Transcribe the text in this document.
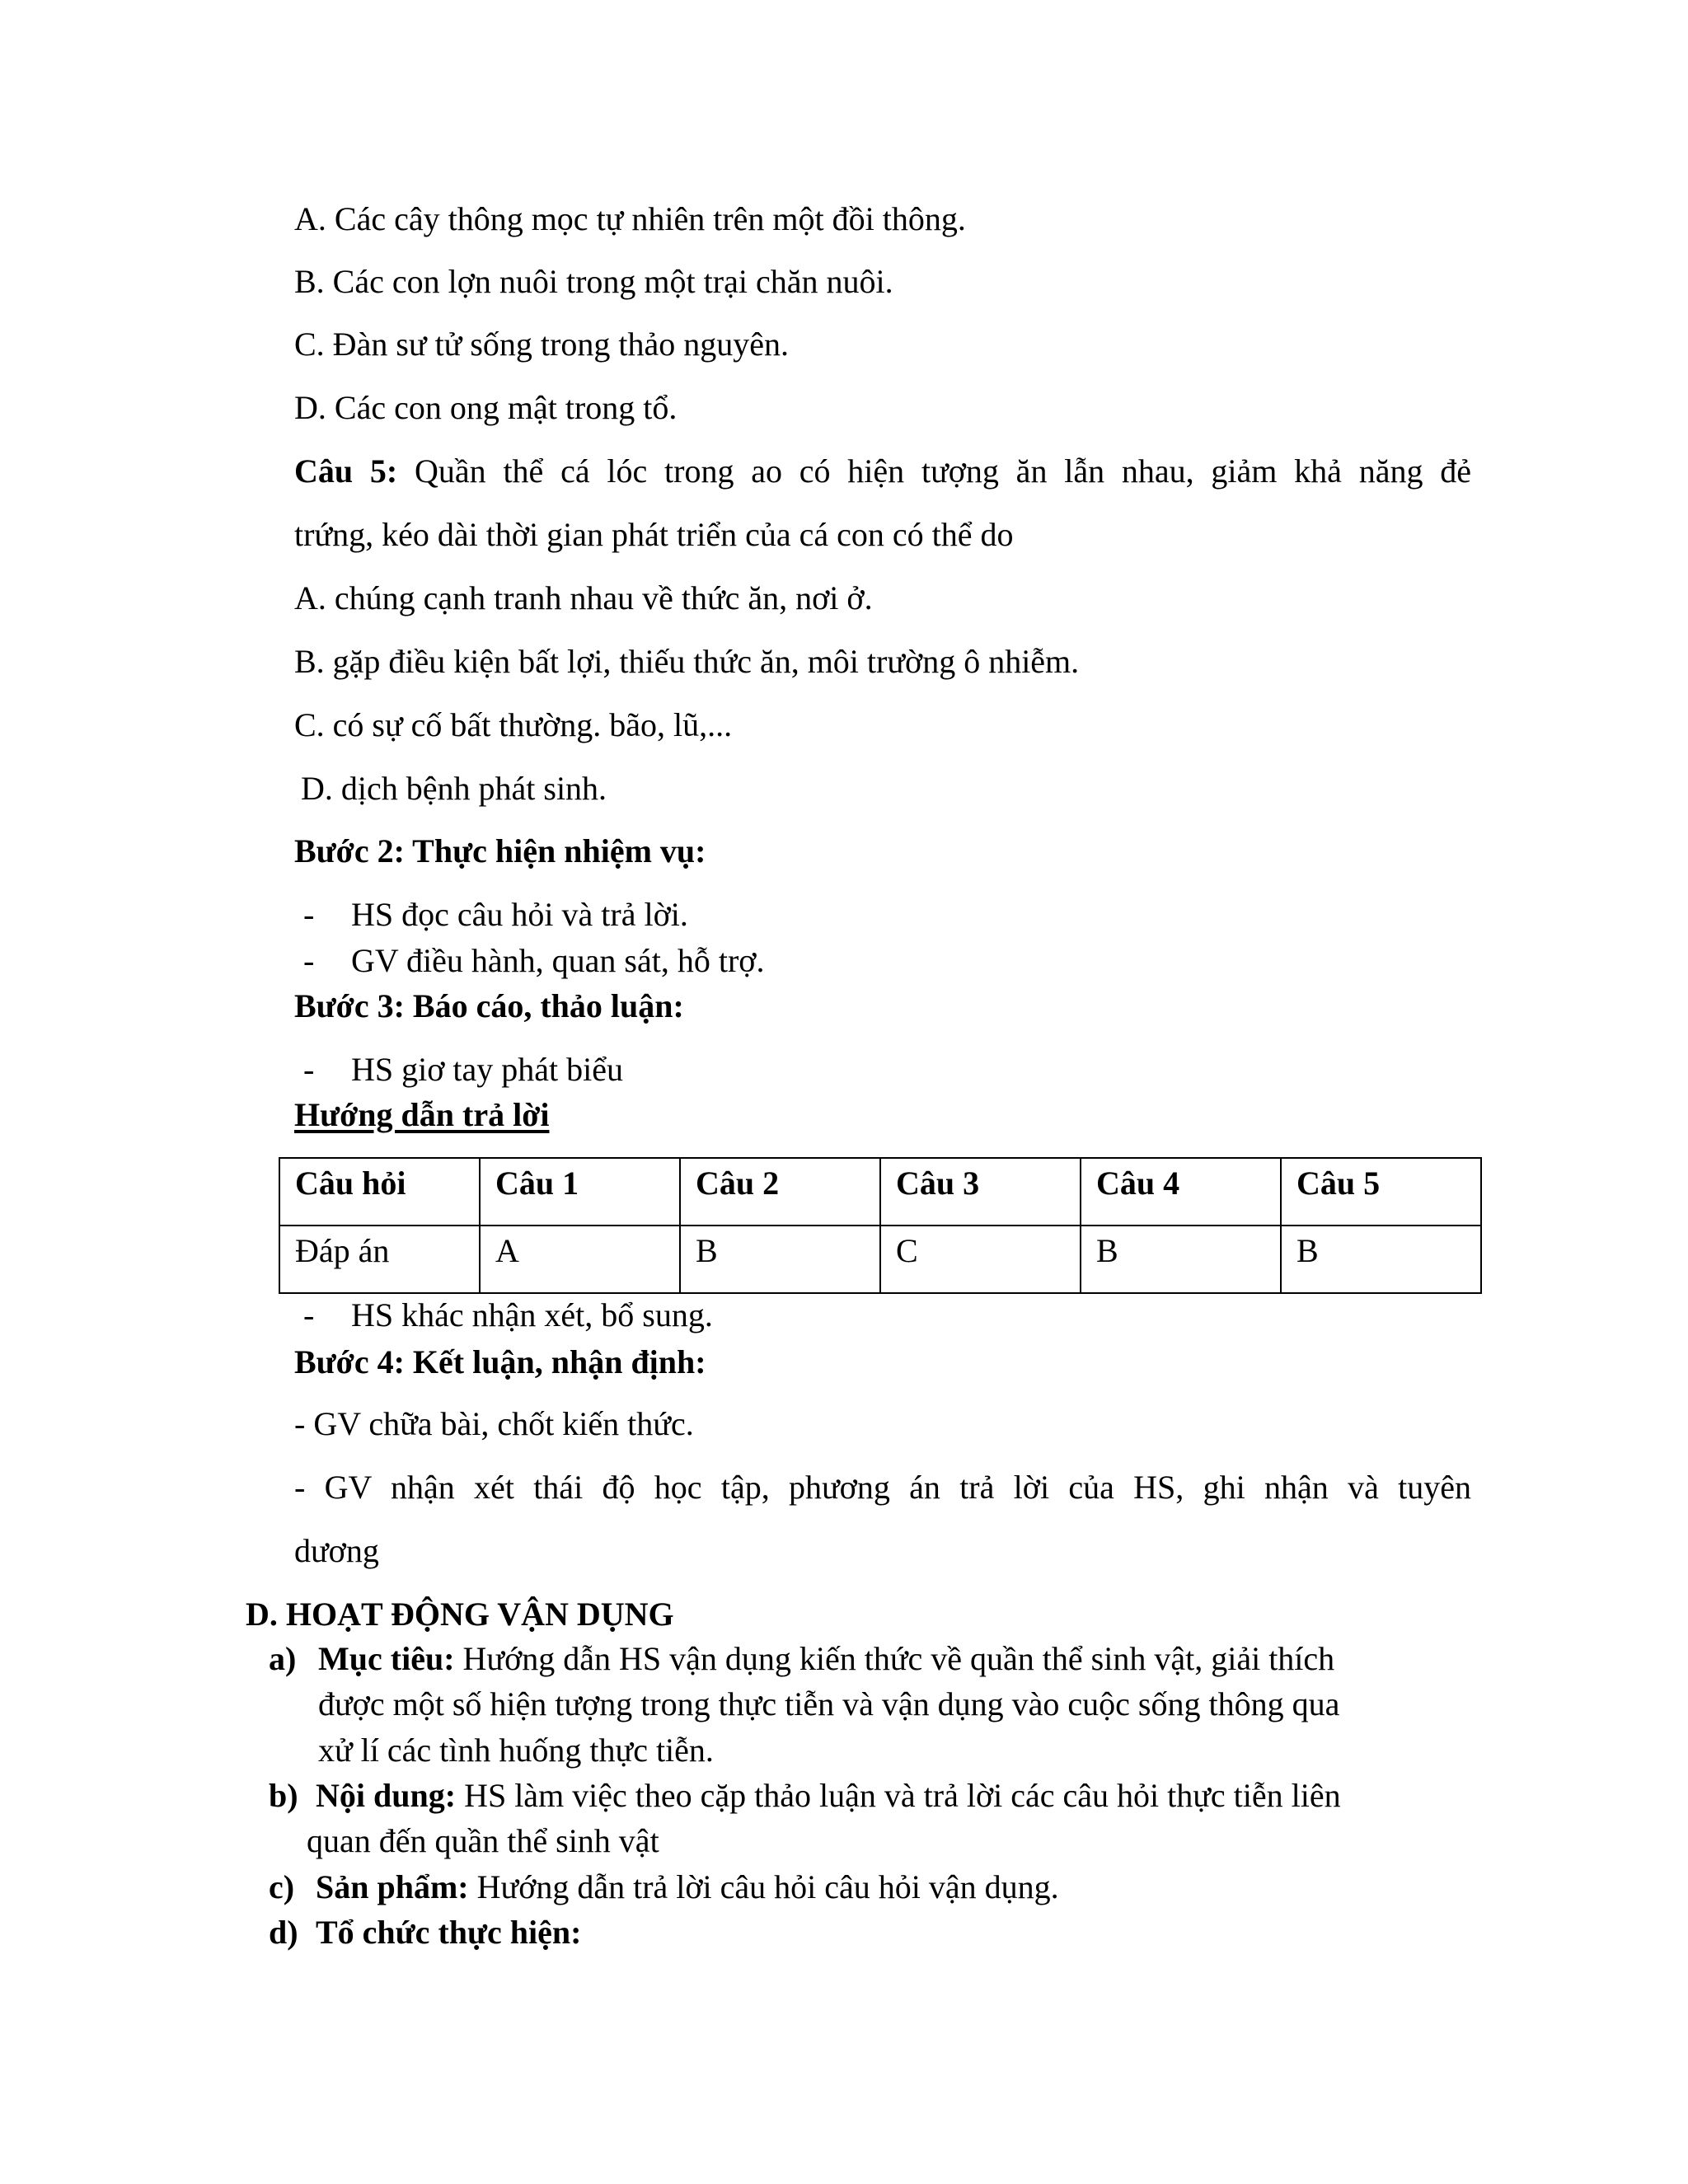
A. Các cây thông mọc tự nhiên trên một đồi thông.
B. Các con lợn nuôi trong một trại chăn nuôi.
C. Đàn sư tử sống trong thảo nguyên.
D. Các con ong mật trong tổ.
Câu 5: Quần thể cá lóc trong ao có hiện tượng ăn lẫn nhau, giảm khả năng đẻ
trứng, kéo dài thời gian phát triển của cá con có thể do
A. chúng cạnh tranh nhau về thức ăn, nơi ở.
B. gặp điều kiện bất lợi, thiếu thức ăn, môi trường ô nhiễm.
C. có sự cố bất thường. bão, lũ,...
D. dịch bệnh phát sinh.
Bước 2: Thực hiện nhiệm vụ:
- HS đọc câu hỏi và trả lời.
- GV điều hành, quan sát, hỗ trợ.
Bước 3: Báo cáo, thảo luận:
- HS giơ tay phát biểu
Hướng dẫn trả lời
Câu hỏi	Câu 1	Câu 2	Câu 3	Câu 4	Câu 5

Đáp án	A	B	C	B	B
- HS khác nhận xét, bổ sung.
Bước 4: Kết luận, nhận định:
- GV chữa bài, chốt kiến thức.
- GV nhận xét thái độ học tập, phương án trả lời của HS, ghi nhận và tuyên
dương
D. HOẠT ĐỘNG VẬN DỤNG
a) Mục tiêu: Hướng dẫn HS vận dụng kiến thức về quần thể sinh vật, giải thích
được một số hiện tượng trong thực tiễn và vận dụng vào cuộc sống thông qua
xử lí các tình huống thực tiễn.
b) Nội dung: HS làm việc theo cặp thảo luận và trả lời các câu hỏi thực tiễn liên
quan đến quần thể sinh vật
c) Sản phẩm: Hướng dẫn trả lời câu hỏi câu hỏi vận dụng.
d) Tổ chức thực hiện:
